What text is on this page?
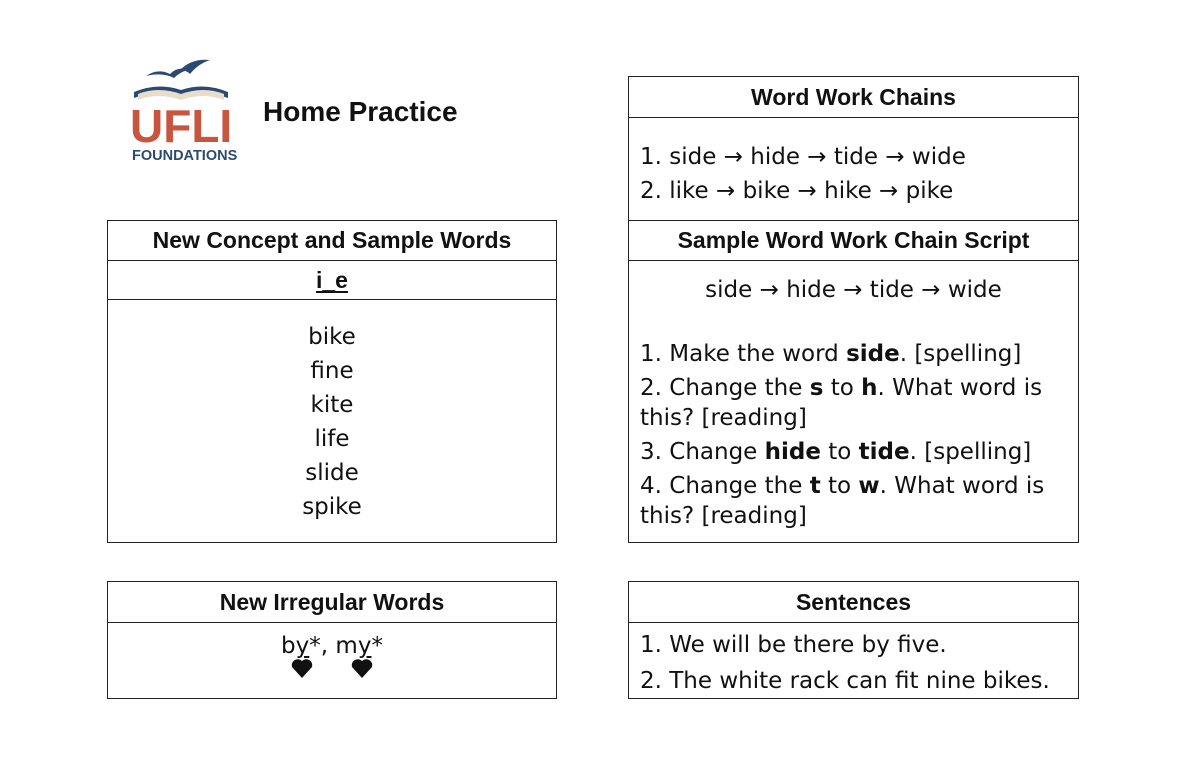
UFLI
FOUNDATIONS
Home Practice
New Concept and Sample Words
i_e
bike
fine
kite
life
slide
spike
New Irregular Words
by*, my*
Word Work Chains
1. side → hide → tide → wide
2. like → bike → hike → pike
Sample Word Work Chain Script
side → hide → tide → wide
1. Make the word side. [spelling]
2. Change the s to h. What word is this? [reading]
3. Change hide to tide. [spelling]
4. Change the t to w. What word is this? [reading]
Sentences
1. We will be there by five.
2. The white rack can fit nine bikes.
